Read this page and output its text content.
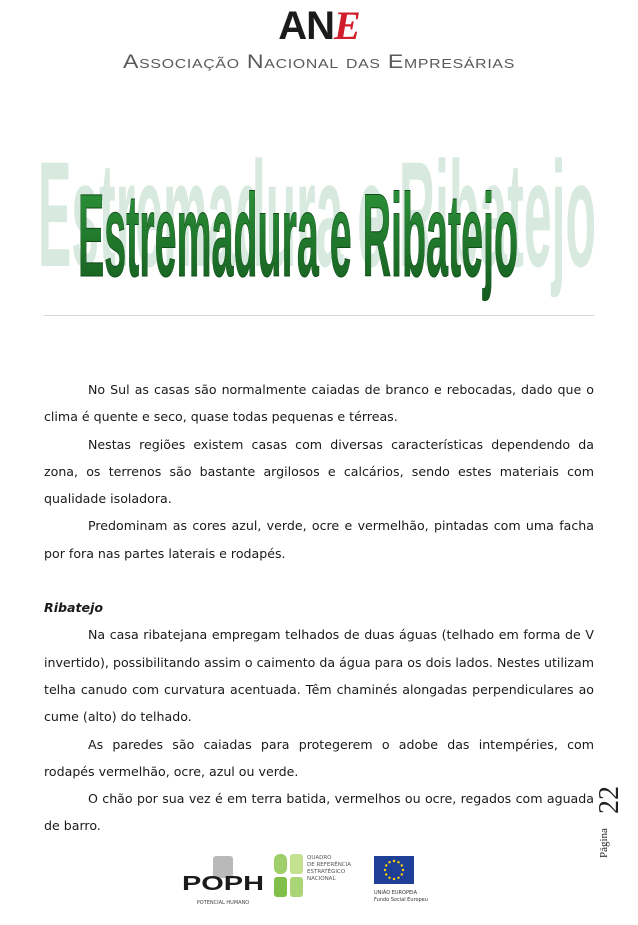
ANE
Associação Nacional das Empresárias
Estremadura e Ribatejo
Estremadura e Ribatejo

No Sul as casas são normalmente caiadas de branco e rebocadas, dado que o clima é quente e seco, quase todas pequenas e térreas.

Nestas regiões existem casas com diversas características dependendo da zona, os terrenos são bastante argilosos e calcários, sendo estes materiais com qualidade isoladora.

Predominam as cores azul, verde, ocre e vermelhão, pintadas com uma facha por fora nas partes laterais e rodapés.

Ribatejo

Na casa ribatejana empregam telhados de duas águas (telhado em forma de V invertido), possibilitando assim o caimento da água para os dois lados. Nestes utilizam telha canudo com curvatura acentuada. Têm chaminés alongadas perpendiculares ao cume (alto) do telhado.

As paredes são caiadas para protegerem o adobe das intempéries, com rodapés vermelhão, ocre, azul ou verde.

O chão por sua vez é em terra batida, vermelhos ou ocre, regados com aguada de barro.

Página
22
POPH
POTENCIAL HUMANO
QUADRO
DE REFERÊNCIA
ESTRATÉGICO
NACIONAL
UNIÃO EUROPEIA
Fundo Social Europeu
